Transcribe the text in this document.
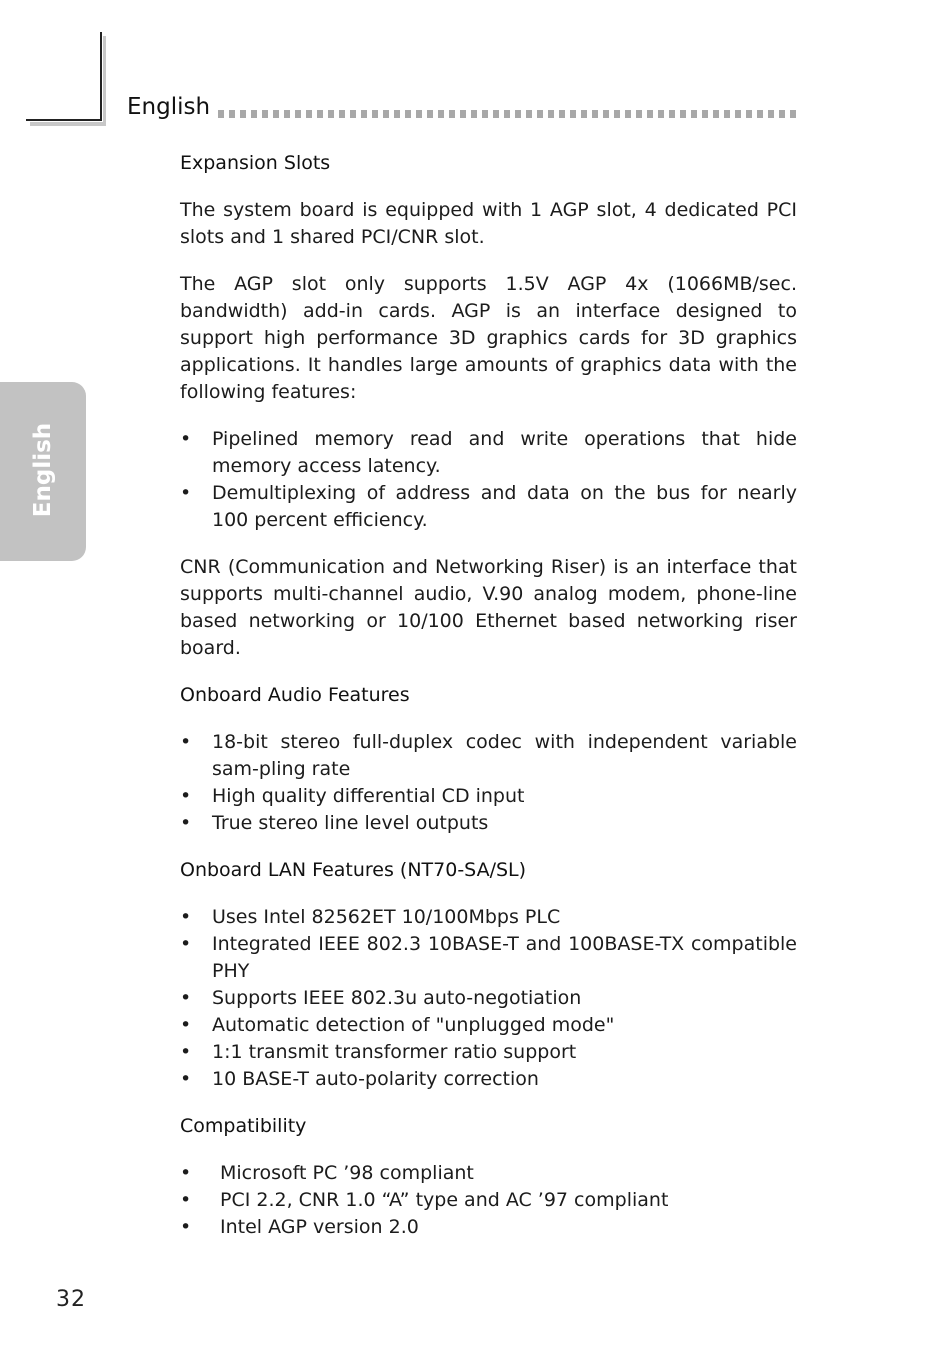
English
English
Expansion Slots

The system board is equipped with 1 AGP slot, 4 dedicated PCI slots and 1 shared PCI/CNR slot.

The AGP slot only supports 1.5V AGP 4x (1066MB/sec. bandwidth) add-in cards. AGP is an interface designed to support high performance 3D graphics cards for 3D graphics applications. It handles large amounts of graphics data with the following features:

• Pipelined memory read and write operations that hide memory access latency.
• Demultiplexing of address and data on the bus for nearly 100 percent efficiency.

CNR (Communication and Networking Riser) is an interface that supports multi-channel audio, V.90 analog modem, phone-line based networking or 10/100 Ethernet based networking riser board.

Onboard Audio Features
• 18-bit stereo full-duplex codec with independent variable sam-pling rate
• High quality differential CD input
• True stereo line level outputs
Onboard LAN Features (NT70-SA/SL)
• Uses Intel 82562ET 10/100Mbps PLC
• Integrated IEEE 802.3 10BASE-T and 100BASE-TX compatible PHY
• Supports IEEE 802.3u auto-negotiation
• Automatic detection of "unplugged mode"
• 1:1 transmit transformer ratio support
• 10 BASE-T auto-polarity correction
Compatibility
• Microsoft PC ’98 compliant
• PCI 2.2, CNR 1.0 “A” type and AC ’97 compliant
• Intel AGP version 2.0
32
